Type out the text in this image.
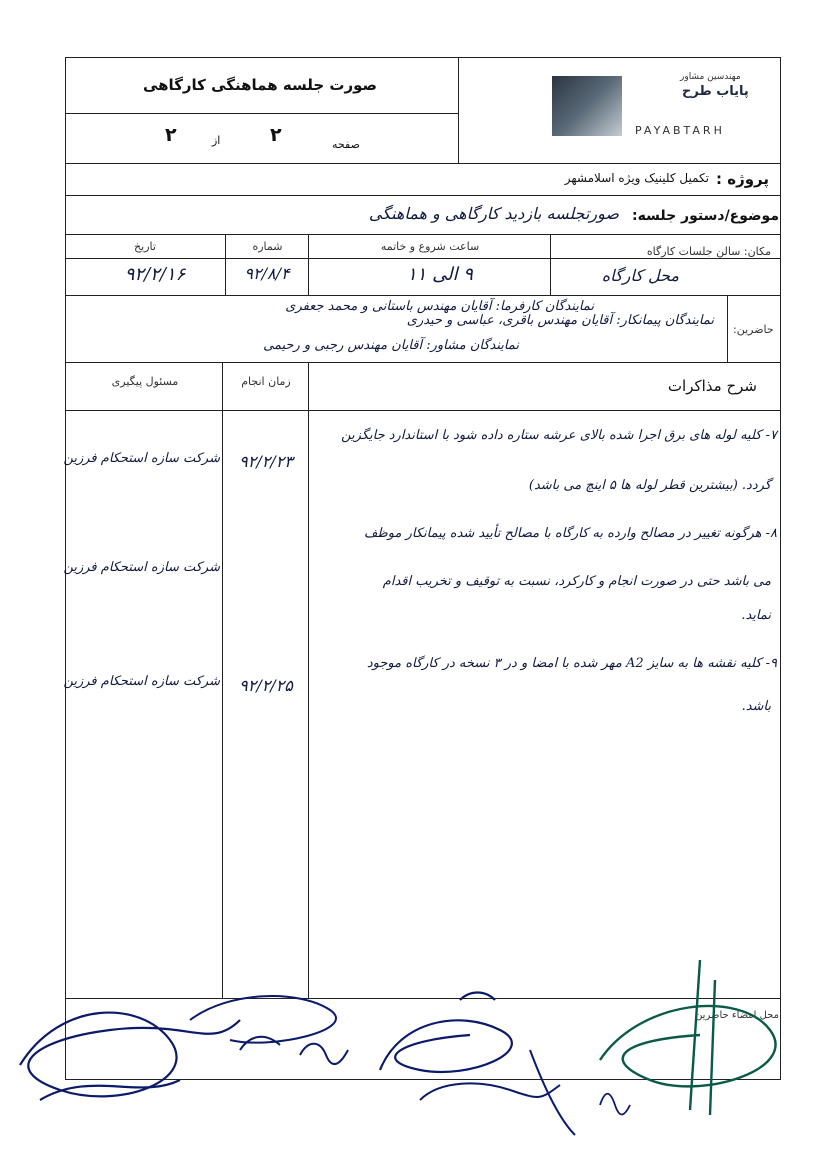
صورت جلسه هماهنگی کارگاهی
صفحه
۲
از
۲
مهندسین مشاور
پایاب طرح
PAYABTARH
پروژه :
تکمیل کلینیک ویژه اسلامشهر
موضوع/دستور جلسه:
صورتجلسه بازدید کارگاهی و هماهنگی
مکان: سالن جلسات کارگاه
ساعت شروع و خاتمه
شماره
تاریخ
محل کارگاه
۹ الی ۱۱
۹۲/۸/۴
۹۲/۲/۱۶
حاضرین:
نمایندگان کارفرما: آقایان مهندس باستانی و محمد جعفری
نمایندگان پیمانکار: آقایان مهندس باقری، عباسی و حیدری
نمایندگان مشاور: آقایان مهندس رجبی و رحیمی
شرح مذاکرات
زمان انجام
مسئول پیگیری
۷- کلیه لوله های برق اجرا شده بالای عرشه ستاره داده شود با استاندارد جایگزین
گردد. (بیشترین قطر لوله ها ۵ اینچ می باشد)
۹۲/۲/۲۳
شرکت سازه استحکام فرزین
۸- هرگونه تغییر در مصالح وارده به کارگاه با مصالح تأیید شده پیمانکار موظف
می باشد حتی در صورت انجام و کارکرد، نسبت به توقیف و تخریب اقدام
نماید.
شرکت سازه استحکام فرزین
۹- کلیه نقشه ها به سایز A2 مهر شده با امضا و در ۳ نسخه در کارگاه موجود
باشد.
۹۲/۲/۲۵
شرکت سازه استحکام فرزین
محل امضاء حاضرین
